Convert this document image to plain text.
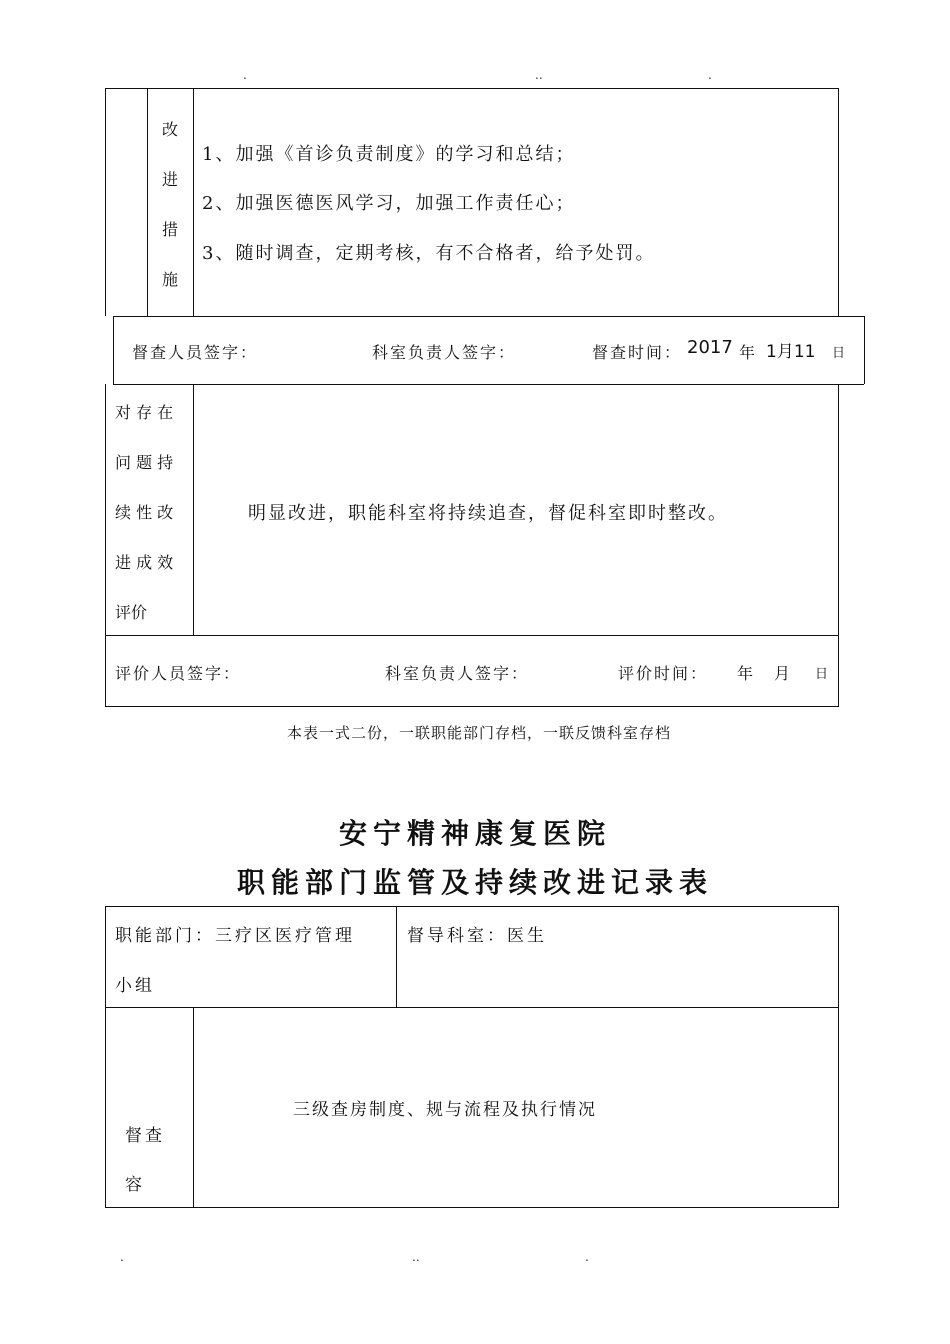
.	..	.
改
进
措
施
1、加强《首诊负责制度》的学习和总结；
2、加强医德医风学习，加强工作责任心；
3、随时调查，定期考核，有不合格者，给予处罚。
督查人员签字：	科室负责人签字：	督查时间： 2017 年 1月11 日
对 存 在
问 题 持
续 性 改
进 成 效
评价
明显改进，职能科室将持续追查，督促科室即时整改。
评价人员签字：	科室负责人签字：	评价时间： 年 月 日
本表一式二份，一联职能部门存档，一联反馈科室存档
安宁精神康复医院
职能部门监管及持续改进记录表
职能部门：三疗区医疗管理
小组
督导科室：医生
督查
容
三级查房制度、规与流程及执行情况
.	..	.
